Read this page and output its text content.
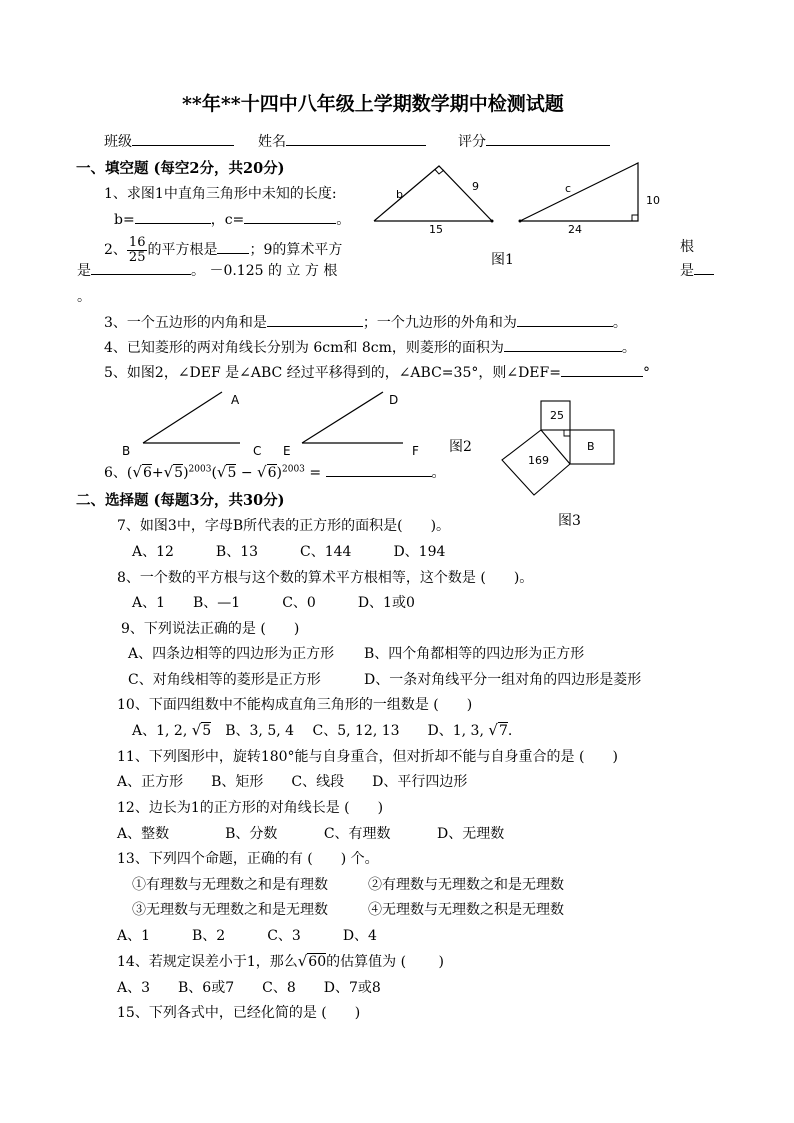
**年**十四中八年级上学期数学期中检测试题
班级	姓名	评分
一、填空题 (每空2分，共20分)
1、求图1中直角三角形中未知的长度:
b=	，c=	。
b
9
15
c
10
24
图1
2、 $\frac{16}{25}$ 的平方根是 ；9的算术平方	根
是	。 －0.125 的 立 方 根	是
。
3、一个五边形的内角和是	；一个九边形的外角和为	。
4、已知菱形的两对角线长分别为 6cm和 8cm，则菱形的面积为	。
5、如图2，∠DEF 是∠ABC 经过平移得到的，∠ABC=35°，则∠DEF=	°
A
B	C
D
E	F 图2
25
169
B
图3
6、$(√6+√5)^{2003}(√5 - √6)^{2003}$ =	。
二、选择题 (每题3分，共30分)
7、如图3中，字母B所代表的正方形的面积是(　　)。
A、12　　　B、13　　　C、144　　　D、194
8、一个数的平方根与这个数的算术平方根相等，这个数是 (　　)。
A、1　　B、—1　　　C、0　　　D、1或0
9、下列说法正确的是 (　　)
A、四条边相等的四边形为正方形 B、四个角都相等的四边形为正方形
C、对角线相等的菱形是正方形	D、一条对角线平分一组对角的四边形是菱形
10、下面四组数中不能构成直角三角形的一组数是 (　　)
A、1, 2, √5　 B、3, 5, 4　 C、5, 12, 13　　D、1, 3, √7.
11、下列图形中，旋转180°能与自身重合，但对折却不能与自身重合的是 (　　)
A、正方形　　B、矩形　　C、线段　　D、平行四边形
12、边长为1的正方形的对角线长是 (　　)
A、整数　　　　B、分数　　　 C、有理数　　　 D、无理数
13、下列四个命题，正确的有 (　　) 个。
①有理数与无理数之和是有理数	②有理数与无理数之和是无理数
③无理数与无理数之和是无理数	④无理数与无理数之积是无理数
A、1　　　B、2　　　C、3　　　D、4
14、若规定误差小于1，那么√60的估算值为 (　　 )
A、3　　B、6或7　　C、8　　D、7或8
15、下列各式中，已经化简的是 (　　)
